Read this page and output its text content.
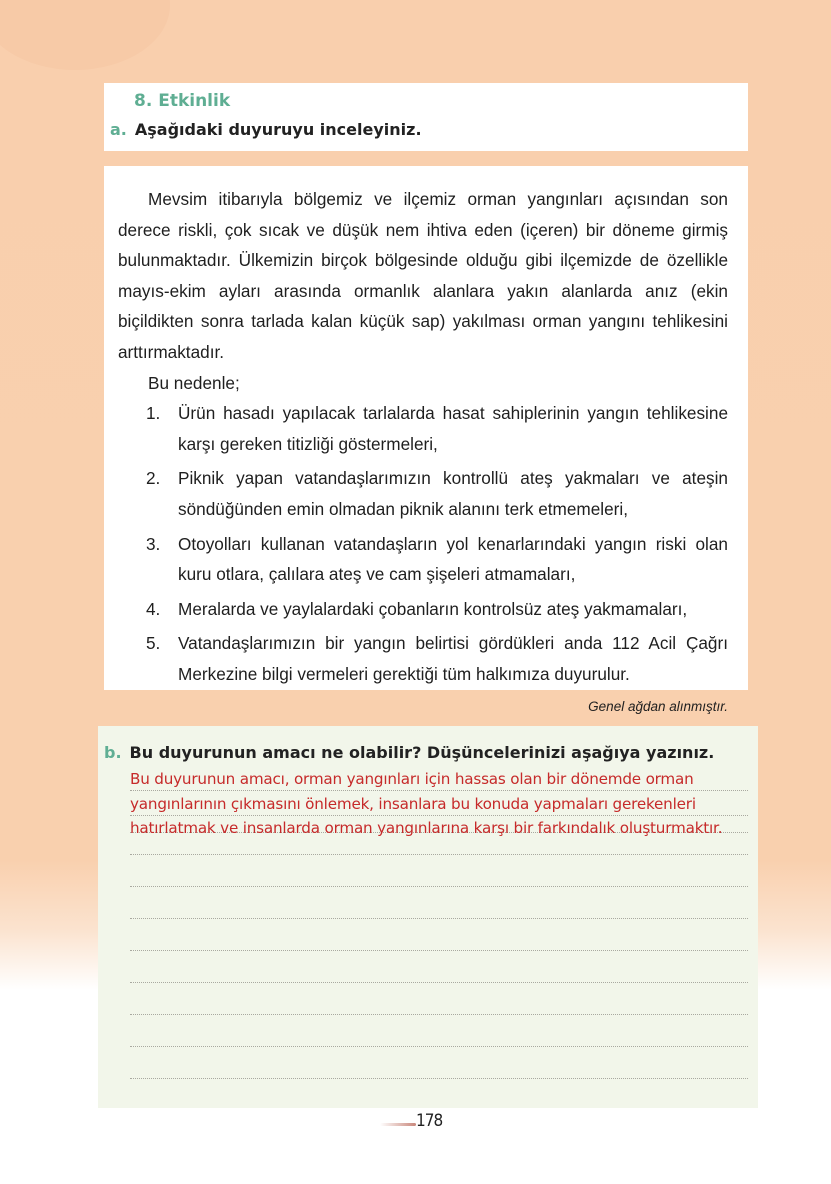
8. Etkinlik
a. Aşağıdaki duyuruyu inceleyiniz.

Mevsim itibarıyla bölgemiz ve ilçemiz orman yangınları açısından son derece riskli, çok sıcak ve düşük nem ihtiva eden (içeren) bir döneme girmiş bulunmaktadır. Ülkemizin birçok bölgesinde olduğu gibi ilçemizde de özellikle mayıs-ekim ayları arasında ormanlık alanlara yakın alanlarda anız (ekin biçildikten sonra tarlada kalan küçük sap) yakılması orman yangını tehlikesini arttırmaktadır.

Bu nedenle;

1.	Ürün hasadı yapılacak tarlalarda hasat sahiplerinin yangın tehlikesine karşı gereken titizliği göstermeleri,
2.	Piknik yapan vatandaşlarımızın kontrollü ateş yakmaları ve ateşin söndüğünden emin olmadan piknik alanını terk etmemeleri,
3.	Otoyolları kullanan vatandaşların yol kenarlarındaki yangın riski olan kuru otlara, çalılara ateş ve cam şişeleri atmamaları,
4.	Meralarda ve yaylalardaki çobanların kontrolsüz ateş yakmamaları,
5.	Vatandaşlarımızın bir yangın belirtisi gördükleri anda 112 Acil Çağrı Merkezine bilgi vermeleri gerektiği tüm halkımıza duyurulur.
Genel ağdan alınmıştır.
b. Bu duyurunun amacı ne olabilir? Düşüncelerinizi aşağıya yazınız.
Bu duyurunun amacı, orman yangınları için hassas olan bir dönemde orman
yangınlarının çıkmasını önlemek, insanlara bu konuda yapmaları gerekenleri
hatırlatmak ve insanlarda orman yangınlarına karşı bir farkındalık oluşturmaktır.
178
